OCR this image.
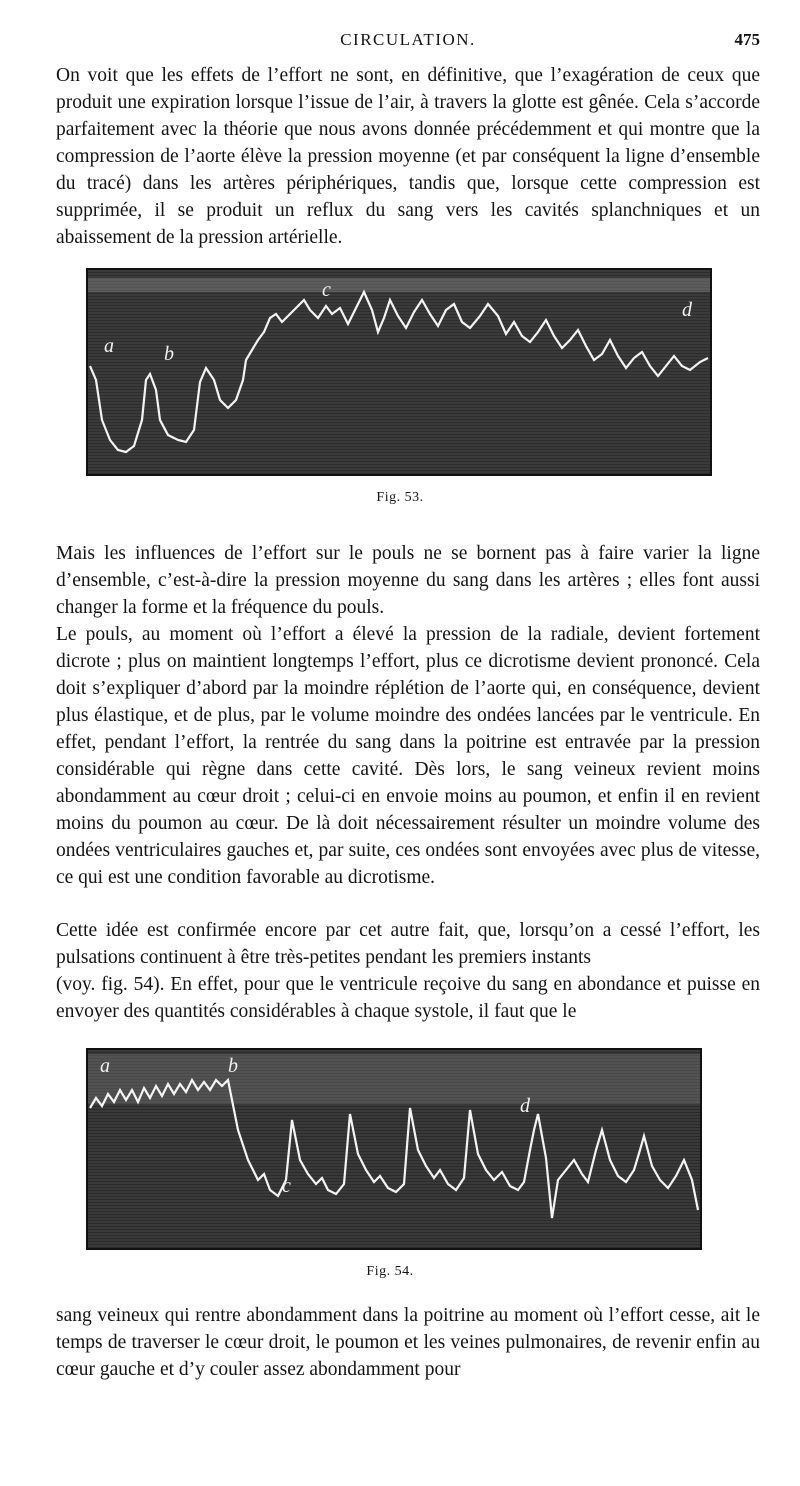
CIRCULATION.	475

On voit que les effets de l’effort ne sont, en définitive, que l’exagération de ceux que produit une expiration lorsque l’issue de l’air, à travers la glotte est gênée. Cela s’accorde parfaitement avec la théorie que nous avons donnée précédemment et qui montre que la compression de l’aorte élève la pression moyenne (et par conséquent la ligne d’ensemble du tracé) dans les artères périphériques, tandis que, lorsque cette compression est supprimée, il se produit un reflux du sang vers les cavités splanchniques et un abaissement de la pression artérielle.

a	b
c
d
Fig. 53.

Mais les influences de l’effort sur le pouls ne se bornent pas à faire varier la ligne d’ensemble, c’est-à-dire la pression moyenne du sang dans les artères ; elles font aussi changer la forme et la fréquence du pouls.

Le pouls, au moment où l’effort a élevé la pression de la radiale, devient fortement dicrote ; plus on maintient longtemps l’effort, plus ce dicrotisme devient prononcé. Cela doit s’expliquer d’abord par la moindre réplétion de l’aorte qui, en conséquence, devient plus élastique, et de plus, par le volume moindre des ondées lancées par le ventricule. En effet, pendant l’effort, la rentrée du sang dans la poitrine est entravée par la pression considérable qui règne dans cette cavité. Dès lors, le sang veineux revient moins abondamment au cœur droit ; celui-ci en envoie moins au poumon, et enfin il en revient moins du poumon au cœur. De là doit nécessairement résulter un moindre volume des ondées ventriculaires gauches et, par suite, ces ondées sont envoyées avec plus de vitesse, ce qui est une condition favorable au dicrotisme.

Cette idée est confirmée encore par cet autre fait, que, lorsqu’on a cessé l’effort, les pulsations continuent à être très-petites pendant les premiers instants

(voy. fig. 54). En effet, pour que le ventricule reçoive du sang en abondance et puisse en envoyer des quantités considérables à chaque systole, il faut que le

a	b
c
d
Fig. 54.

sang veineux qui rentre abondamment dans la poitrine au moment où l’effort cesse, ait le temps de traverser le cœur droit, le poumon et les veines pulmonaires, de revenir enfin au cœur gauche et d’y couler assez abondamment pour
